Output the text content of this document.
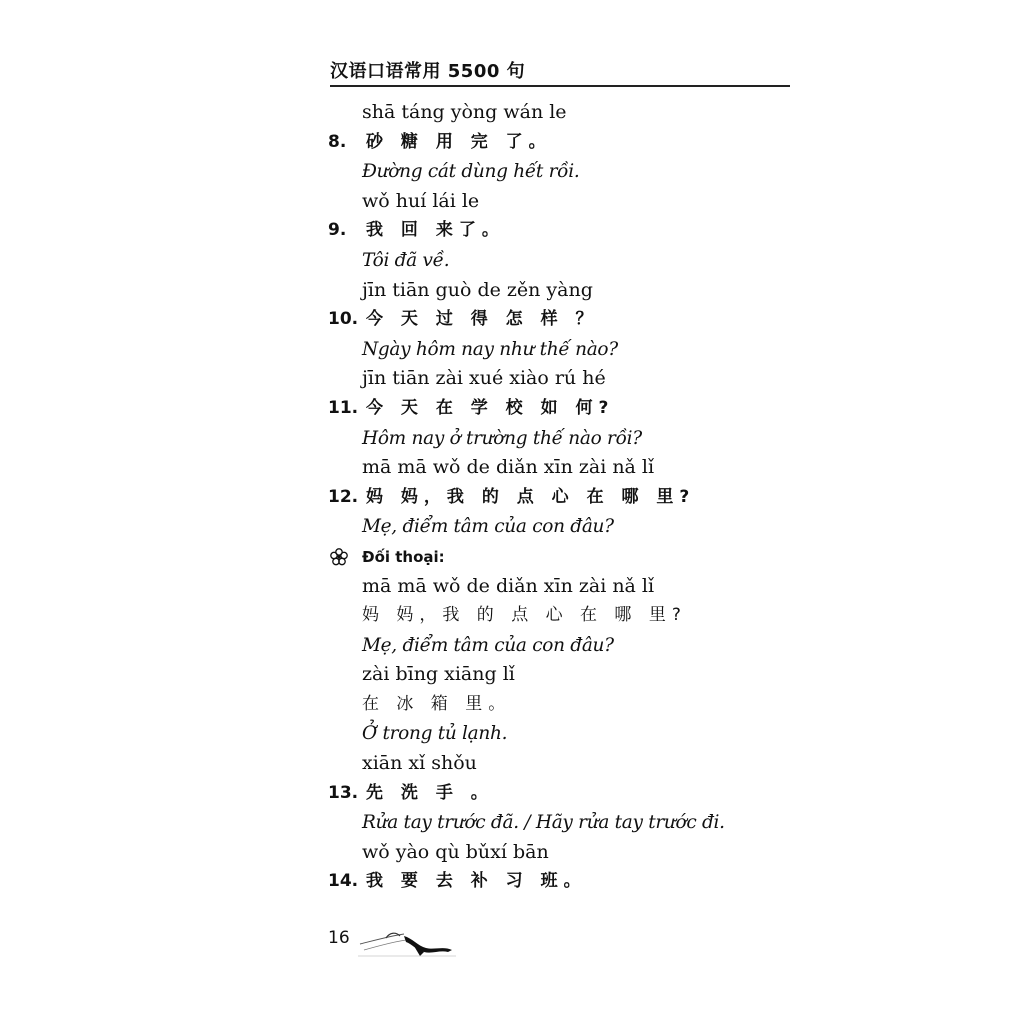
汉语口语常用 5500 句
shā táng yòng wán le
8. 砂 糖 用 完 了。
Đường cát dùng hết rồi.
wǒ huí lái le
9. 我 回 来了。
Tôi đã về.
jīn tiān guò de zěn yàng
10. 今 天 过 得 怎 样 ？
Ngày hôm nay như thế nào?
jīn tiān zài xué xiào rú hé
11. 今 天 在 学 校 如 何?
Hôm nay ở trường thế nào rồi?
mā mā wǒ de diǎn xīn zài nǎ lǐ
12. 妈 妈，我 的 点 心 在 哪 里?
Mẹ, điểm tâm của con đâu?
Đối thoại:
mā mā wǒ de diǎn xīn zài nǎ lǐ
妈 妈，我 的 点 心 在 哪 里?
Mẹ, điểm tâm của con đâu?
zài bīng xiāng lǐ
在 冰 箱 里。
Ở trong tủ lạnh.
xiān xǐ shǒu
13. 先 洗 手 。
Rửa tay trước đã. / Hãy rửa tay trước đi.
wǒ yào qù bǔxí bān
14. 我 要 去 补 习 班。
16
